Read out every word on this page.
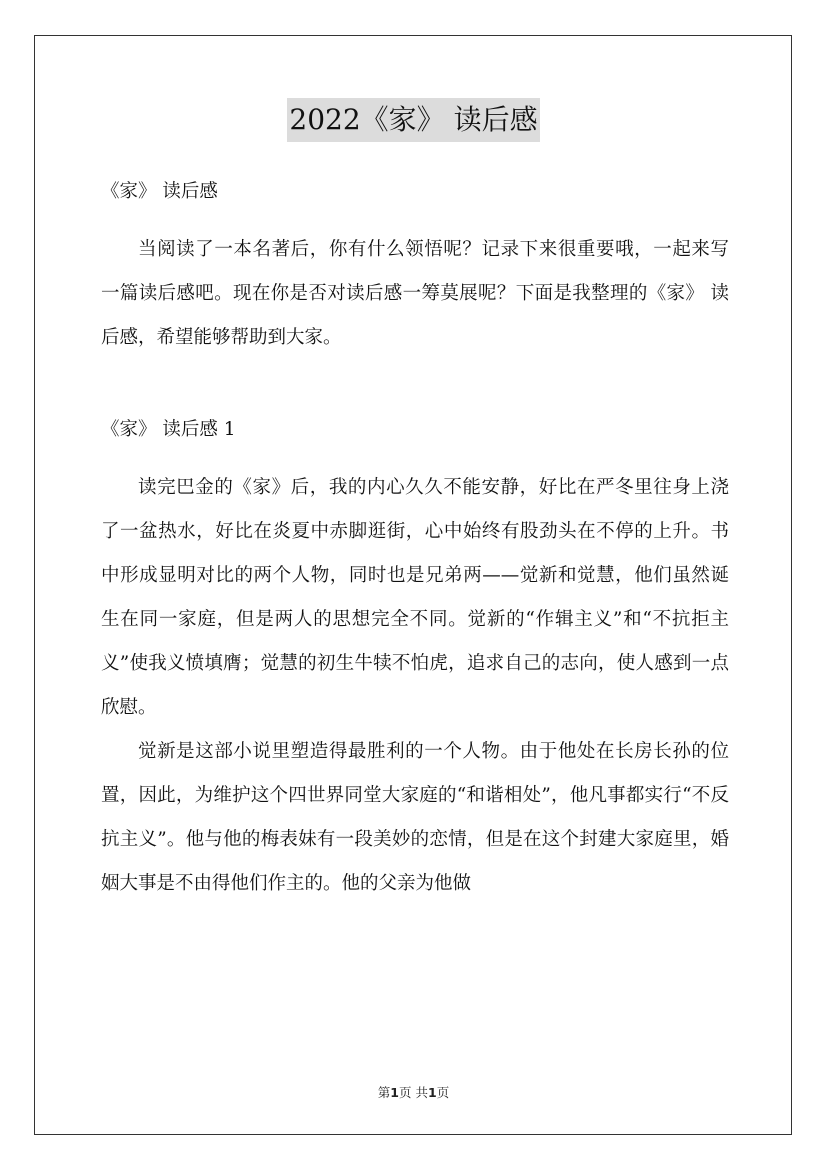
2022《家》 读后感

《家》 读后感

当阅读了一本名著后，你有什么领悟呢？记录下来很重要哦，一起来写一篇读后感吧。现在你是否对读后感一筹莫展呢？下面是我整理的《家》 读后感，希望能够帮助到大家。

《家》 读后感 1

读完巴金的《家》后，我的内心久久不能安静，好比在严冬里往身上浇了一盆热水，好比在炎夏中赤脚逛街，心中始终有股劲头在不停的上升。书中形成显明对比的两个人物，同时也是兄弟两——觉新和觉慧，他们虽然诞生在同一家庭，但是两人的思想完全不同。觉新的“作辑主义”和“不抗拒主义”使我义愤填膺；觉慧的初生牛犊不怕虎，追求自己的志向，使人感到一点欣慰。

觉新是这部小说里塑造得最胜利的一个人物。由于他处在长房长孙的位置，因此，为维护这个四世界同堂大家庭的“和谐相处”，他凡事都实行“不反抗主义”。他与他的梅表妹有一段美妙的恋情，但是在这个封建大家庭里，婚姻大事是不由得他们作主的。他的父亲为他做

第1页 共1页
